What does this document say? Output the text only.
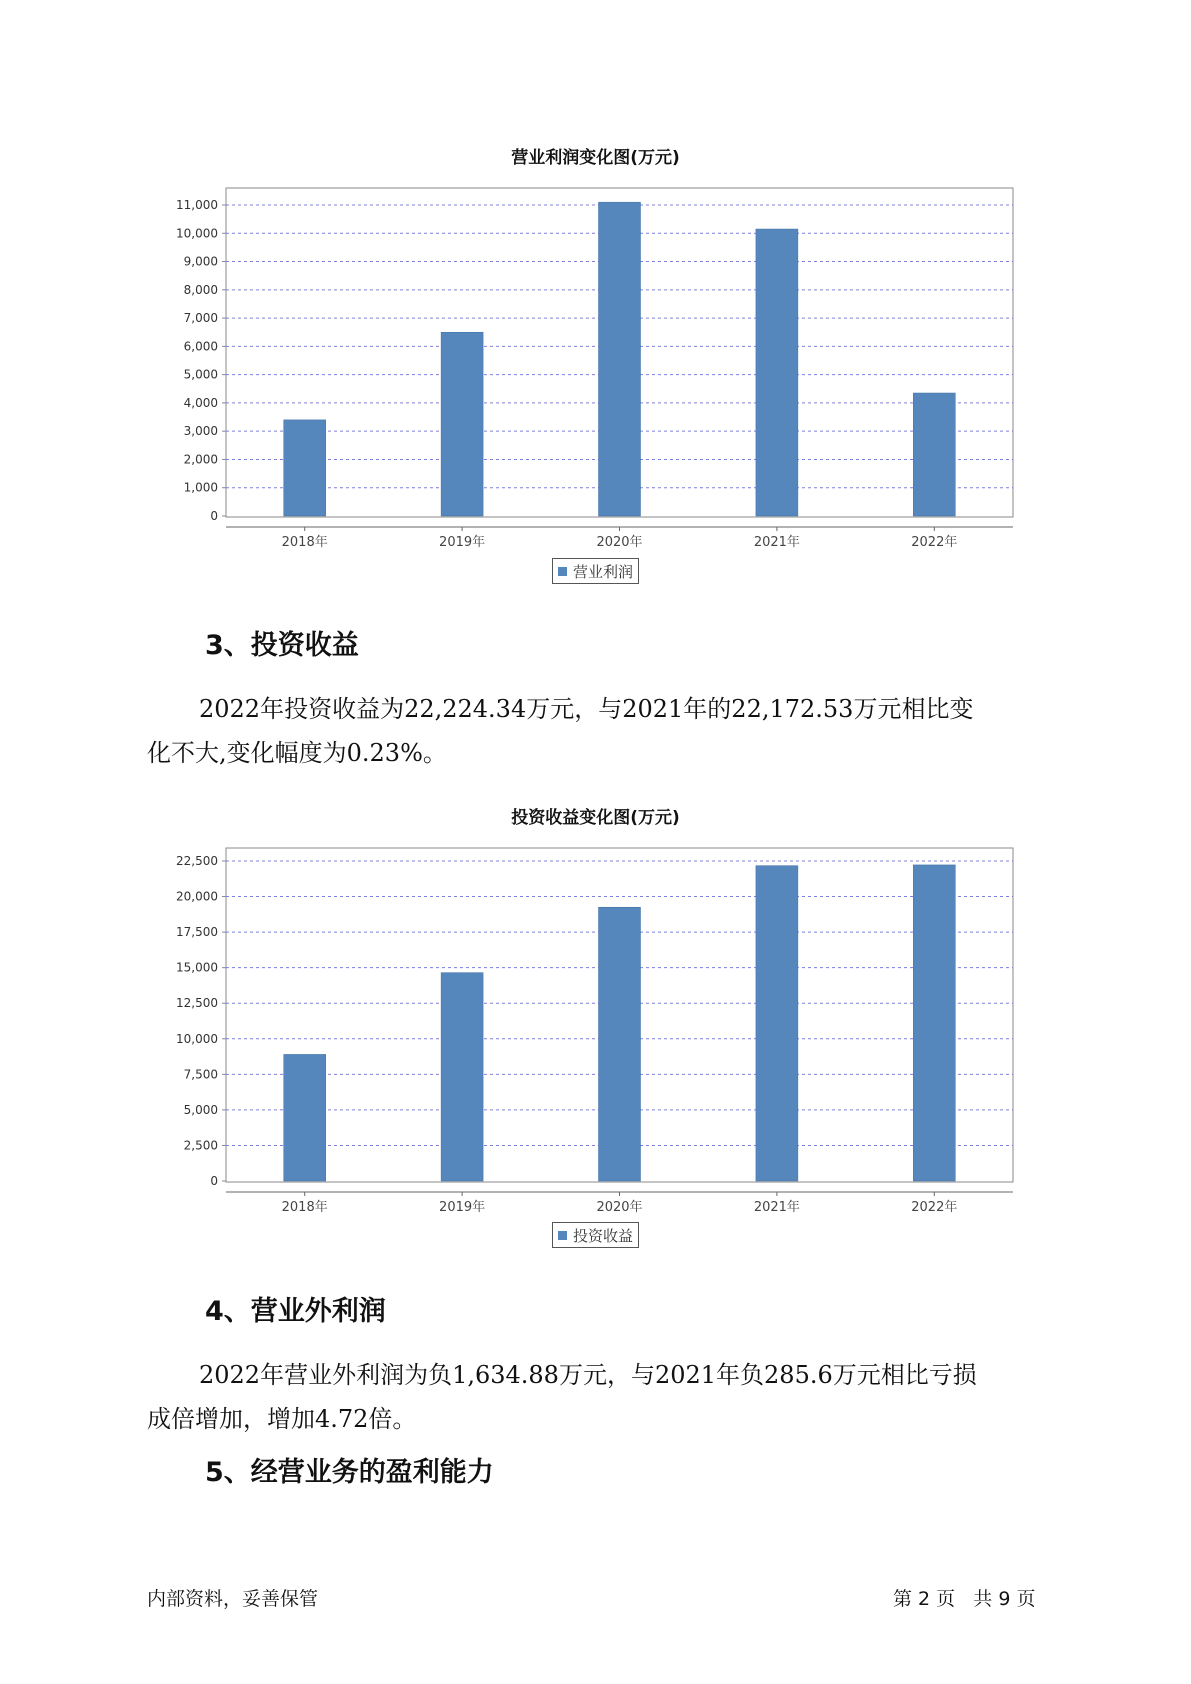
营业利润变化图(万元)
0
1,000
2,000
3,000
4,000
5,000
6,000
7,000
8,000
9,000
10,000
11,000
2018年	2019年	2020年	2021年	2022年
营业利润
3、投资收益
2022年投资收益为22,224.34万元，与2021年的22,172.53万元相比变
化不大,变化幅度为0.23%。
投资收益变化图(万元)
0
2,500
5,000
7,500
10,000
12,500
15,000
17,500
20,000
22,500
2018年	2019年	2020年	2021年	2022年
投资收益
4、营业外利润
2022年营业外利润为负1,634.88万元，与2021年负285.6万元相比亏损
成倍增加，增加4.72倍。
5、经营业务的盈利能力
内部资料，妥善保管	第 2 页   共 9 页
